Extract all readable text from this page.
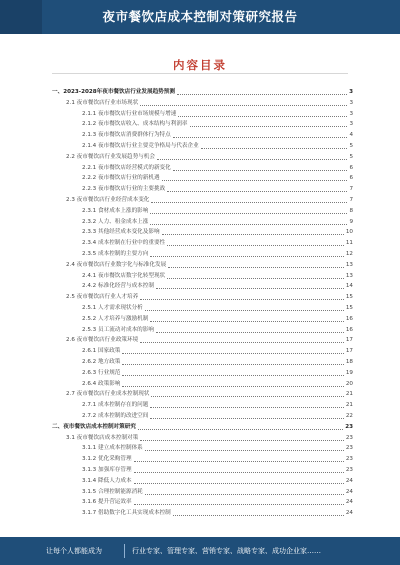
夜市餐饮店成本控制对策研究报告
内容目录
一、2023-2028年夜市餐饮店行业发展趋势预测	3
2.1 夜市餐饮店行业市场现状	3
2.1.1 夜市餐饮店行业市场规模与增速	3
2.1.2 夜市餐饮店收入、成本结构与利润率	3
2.1.3 夜市餐饮店消费群体行为特点	4
2.1.4 夜市餐饮店行业主要竞争格局与代表企业	5
2.2 夜市餐饮店行业发展趋势与机会	5
2.2.1 夜市餐饮店经营模式的新变化	6
2.2.2 夜市餐饮店行业的新机遇	6
2.2.3 夜市餐饮店行业的主要挑战	7
2.3 夜市餐饮店行业经营成本变化	7
2.3.1 食材成本上涨的影响	8
2.3.2 人力、租金成本上涨	9
2.3.3 其他经营成本变化及影响	10
2.3.4 成本控制在行业中的重要性	11
2.3.5 成本控制的主要方向	12
2.4 夜市餐饮店行业数字化与标准化发展	13
2.4.1 夜市餐饮店数字化转型现状	13
2.4.2 标准化经营与成本控制	14
2.5 夜市餐饮店行业人才培养	15
2.5.1 人才需求现状分析	15
2.5.2 人才培养与激励机制	16
2.5.3 员工流动对成本的影响	16
2.6 夜市餐饮店行业政策环境	17
2.6.1 国家政策	17
2.6.2 地方政策	18
2.6.3 行业规范	19
2.6.4 政策影响	20
2.7 夜市餐饮店行业成本控制现状	21
2.7.1 成本控制存在的问题	21
2.7.2 成本控制的改进空间	22
二、夜市餐饮店成本控制对策研究	23
3.1 夜市餐饮店成本控制对策	23
3.1.1 建立成本控制体系	23
3.1.2 优化采购管理	23
3.1.3 加强库存管理	23
3.1.4 降低人力成本	24
3.1.5 合理控制能源消耗	24
3.1.6 提升营运效率	24
3.1.7 借助数字化工具实现成本控制	24
让每个人都能成为	行业专家、管理专家、营销专家、战略专家、成功企业家……
